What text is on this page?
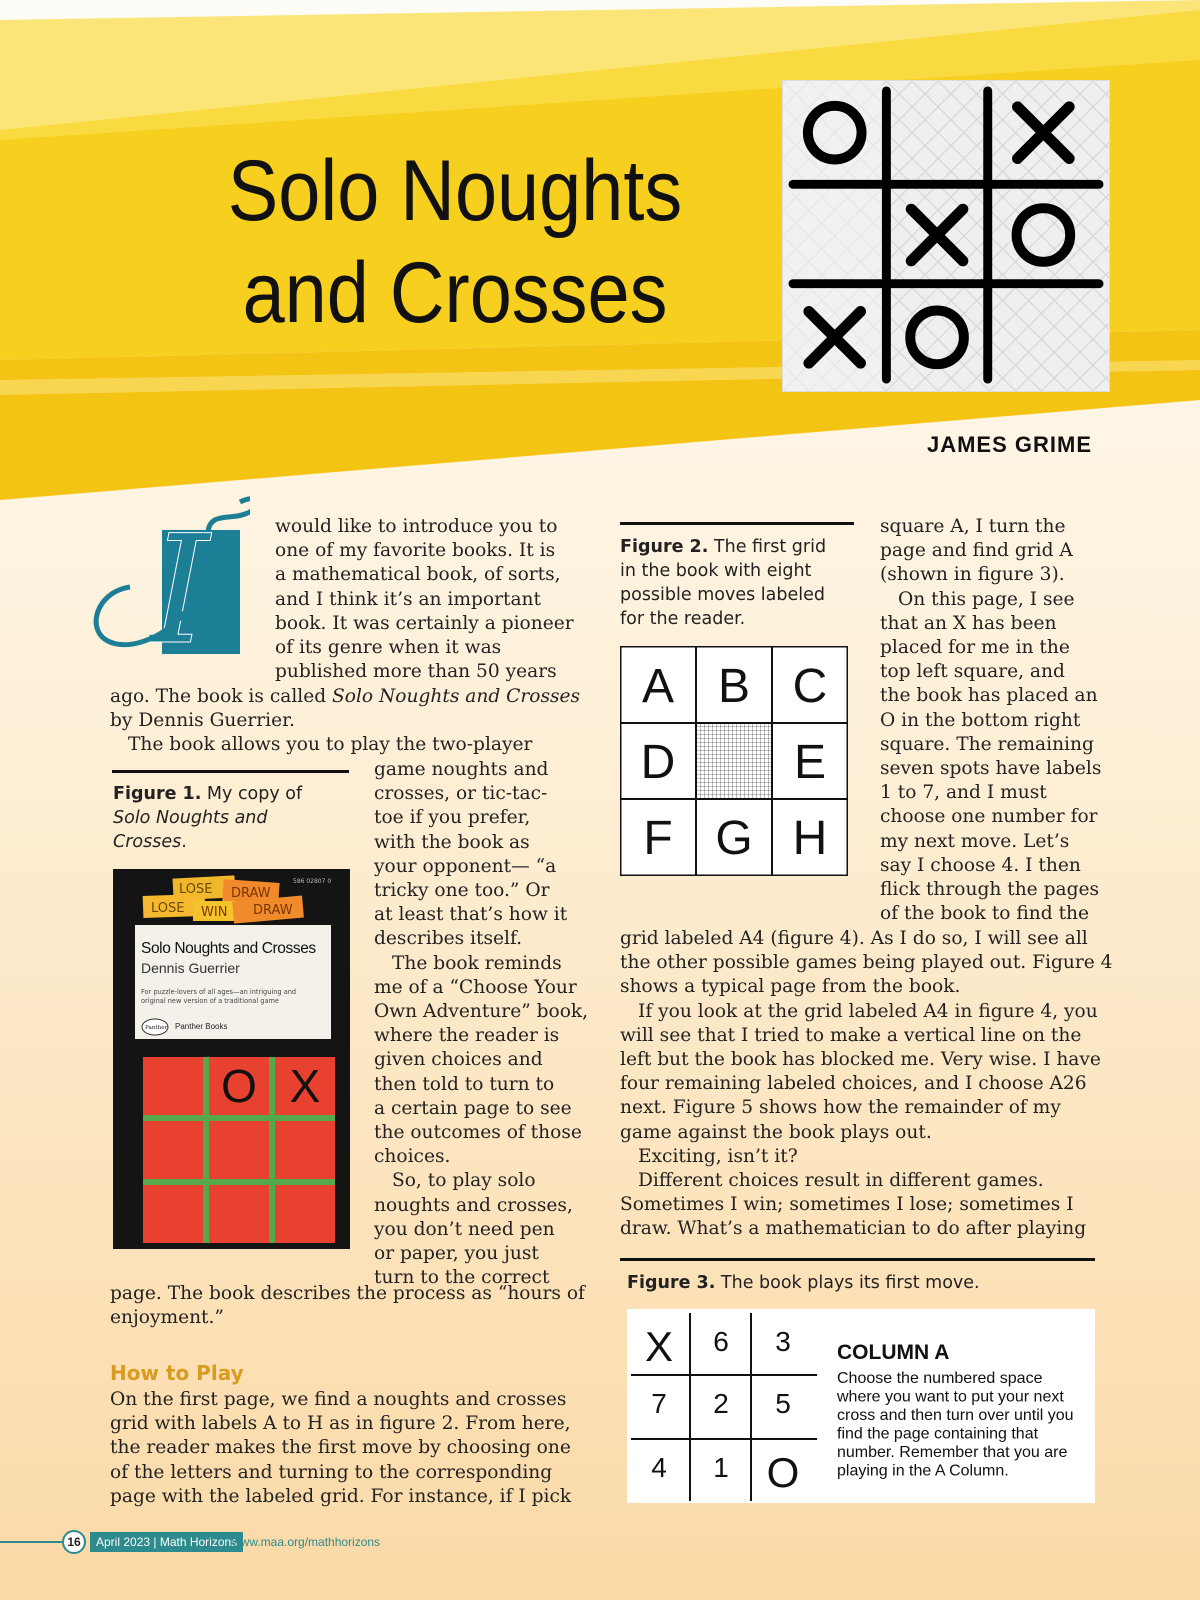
Solo Noughts
and Crosses
JAMES GRIME
I	would like to introduce you to
one of my favorite books. It is
a mathematical book, of sorts,
and I think it’s an important
book. It was certainly a pioneer
of its genre when it was
published more than 50 years
ago. The book is called Solo Noughts and Crosses
by Dennis Guerrier.
The book allows you to play the two-player
Figure 1. My copy of
Solo Noughts and
Crosses.
LOSE
LOSE
DRAW
DRAW
WIN
586 02807 0
Solo Noughts and Crosses
Dennis Guerrier
For puzzle-lovers of all ages—an intriguing and
original new version of a traditional game
Panther Panther Books
O X
game noughts and
crosses, or tic-tac-
toe if you prefer,
with the book as
your opponent— “a
tricky one too.” Or
at least that’s how it
describes itself.
The book reminds
me of a “Choose Your
Own Adventure” book,
where the reader is
given choices and
then told to turn to
a certain page to see
the outcomes of those
choices.
So, to play solo
noughts and crosses,
you don’t need pen
or paper, you just
turn to the correct
page. The book describes the process as “hours of
enjoyment.”
How to Play
On the first page, we find a noughts and crosses
grid with labels A to H as in figure 2. From here,
the reader makes the first move by choosing one
of the letters and turning to the corresponding
page with the labeled grid. For instance, if I pick
Figure 2. The first grid
in the book with eight
possible moves labeled
for the reader.
A B C
D E
F G H
square A, I turn the
page and find grid A
(shown in figure 3).
On this page, I see
that an X has been
placed for me in the
top left square, and
the book has placed an
O in the bottom right
square. The remaining
seven spots have labels
1 to 7, and I must
choose one number for
my next move. Let’s
say I choose 4. I then
flick through the pages
of the book to find the
grid labeled A4 (figure 4). As I do so, I will see all
the other possible games being played out. Figure 4
shows a typical page from the book.
If you look at the grid labeled A4 in figure 4, you
will see that I tried to make a vertical line on the
left but the book has blocked me. Very wise. I have
four remaining labeled choices, and I choose A26
next. Figure 5 shows how the remainder of my
game against the book plays out.
Exciting, isn’t it?
Different choices result in different games.
Sometimes I win; sometimes I lose; sometimes I
draw. What’s a mathematician to do after playing
Figure 3. The book plays its first move.
X 6 3
7 2 5
4 1 O
COLUMN A
Choose the numbered space
where you want to put your next
cross and then turn over until you
find the page containing that
number. Remember that you are
playing in the A Column.
16	April 2023 | Math Horizons
www.maa.org/mathhorizons
